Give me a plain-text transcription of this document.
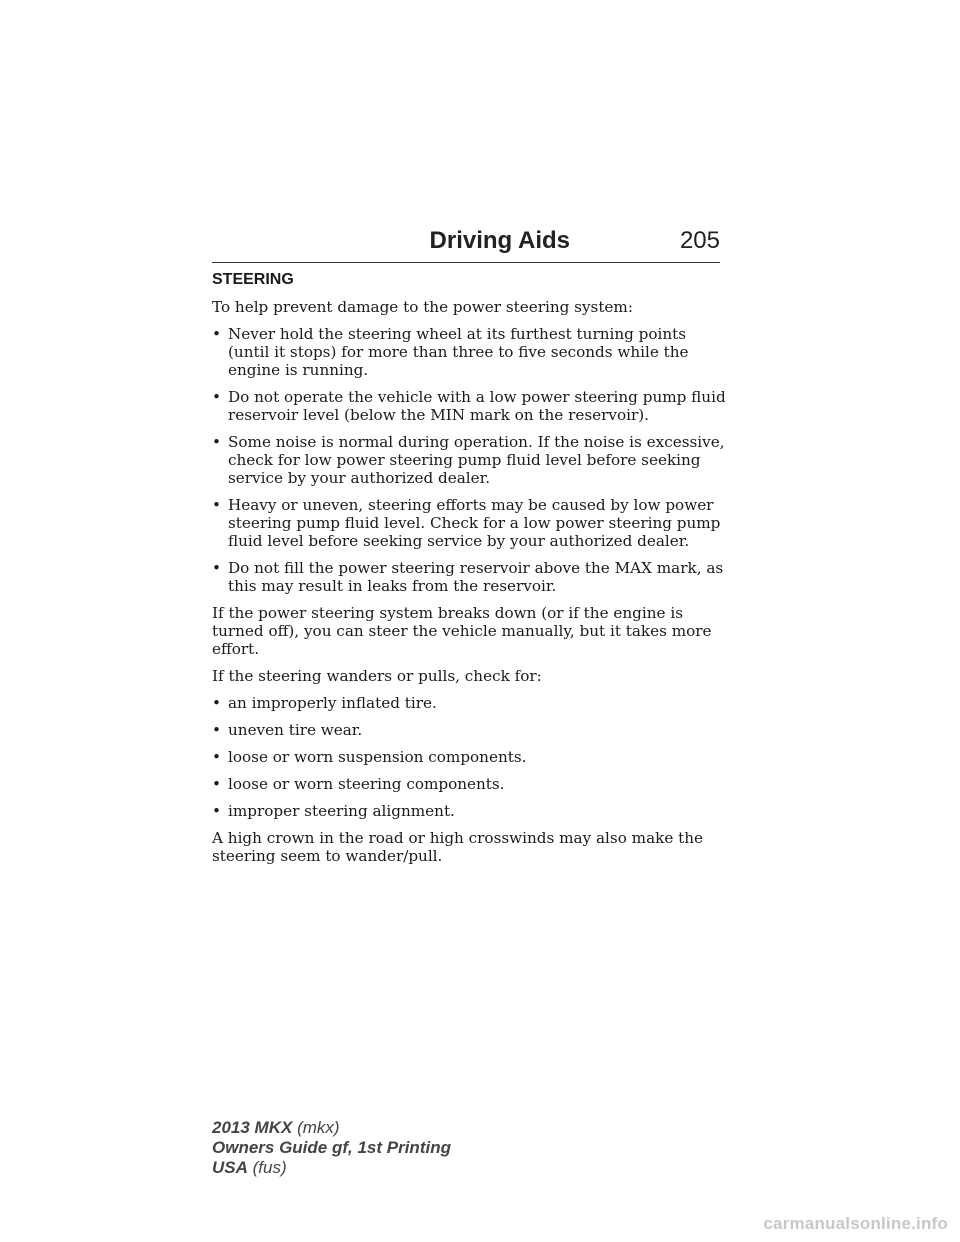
Driving Aids	205
STEERING

To help prevent damage to the power steering system:

• Never hold the steering wheel at its furthest turning points (until it stops) for more than three to five seconds while the engine is running.
• Do not operate the vehicle with a low power steering pump fluid reservoir level (below the MIN mark on the reservoir).
• Some noise is normal during operation. If the noise is excessive, check for low power steering pump fluid level before seeking service by your authorized dealer.
• Heavy or uneven, steering efforts may be caused by low power steering pump fluid level. Check for a low power steering pump fluid level before seeking service by your authorized dealer.
• Do not fill the power steering reservoir above the MAX mark, as this may result in leaks from the reservoir.

If the power steering system breaks down (or if the engine is turned off), you can steer the vehicle manually, but it takes more effort.

If the steering wanders or pulls, check for:

• an improperly inflated tire.
• uneven tire wear.
• loose or worn suspension components.
• loose or worn steering components.
• improper steering alignment.

A high crown in the road or high crosswinds may also make the steering seem to wander/pull.

2013 MKX (mkx)
Owners Guide gf, 1st Printing
USA (fus)
carmanualsonline.info
